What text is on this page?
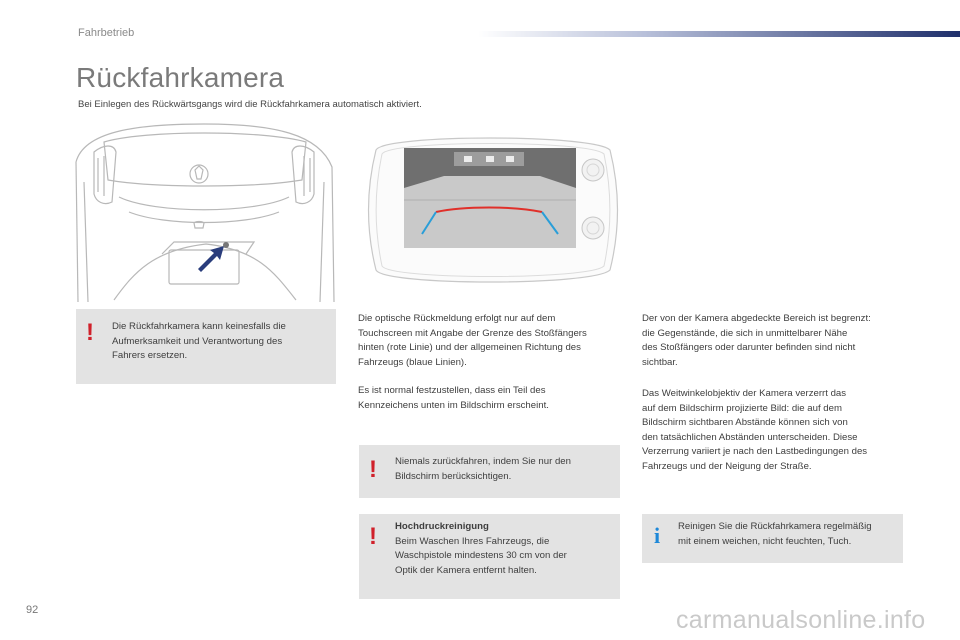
Fahrbetrieb
Rückfahrkamera
Bei Einlegen des Rückwärtsgangs wird die Rückfahrkamera automatisch aktiviert.
! Die Rückfahrkamera kann keinesfalls die
Aufmerksamkeit und Verantwortung des
Fahrers ersetzen.
Die optische Rückmeldung erfolgt nur auf dem
Touchscreen mit Angabe der Grenze des Stoßfängers
hinten (rote Linie) und der allgemeinen Richtung des
Fahrzeugs (blaue Linien).
Es ist normal festzustellen, dass ein Teil des
Kennzeichens unten im Bildschirm erscheint.
! Niemals zurückfahren, indem Sie nur den
Bildschirm berücksichtigen.
! Hochdruckreinigung
Beim Waschen Ihres Fahrzeugs, die
Waschpistole mindestens 30 cm von der
Optik der Kamera entfernt halten.
Der von der Kamera abgedeckte Bereich ist begrenzt:
die Gegenstände, die sich in unmittelbarer Nähe
des Stoßfängers oder darunter befinden sind nicht
sichtbar.
Das Weitwinkelobjektiv der Kamera verzerrt das
auf dem Bildschirm projizierte Bild: die auf dem
Bildschirm sichtbaren Abstände können sich von
den tatsächlichen Abständen unterscheiden. Diese
Verzerrung variiert je nach den Lastbedingungen des
Fahrzeugs und der Neigung der Straße.
i Reinigen Sie die Rückfahrkamera regelmäßig
mit einem weichen, nicht feuchten, Tuch.
92	carmanualsonline.info
